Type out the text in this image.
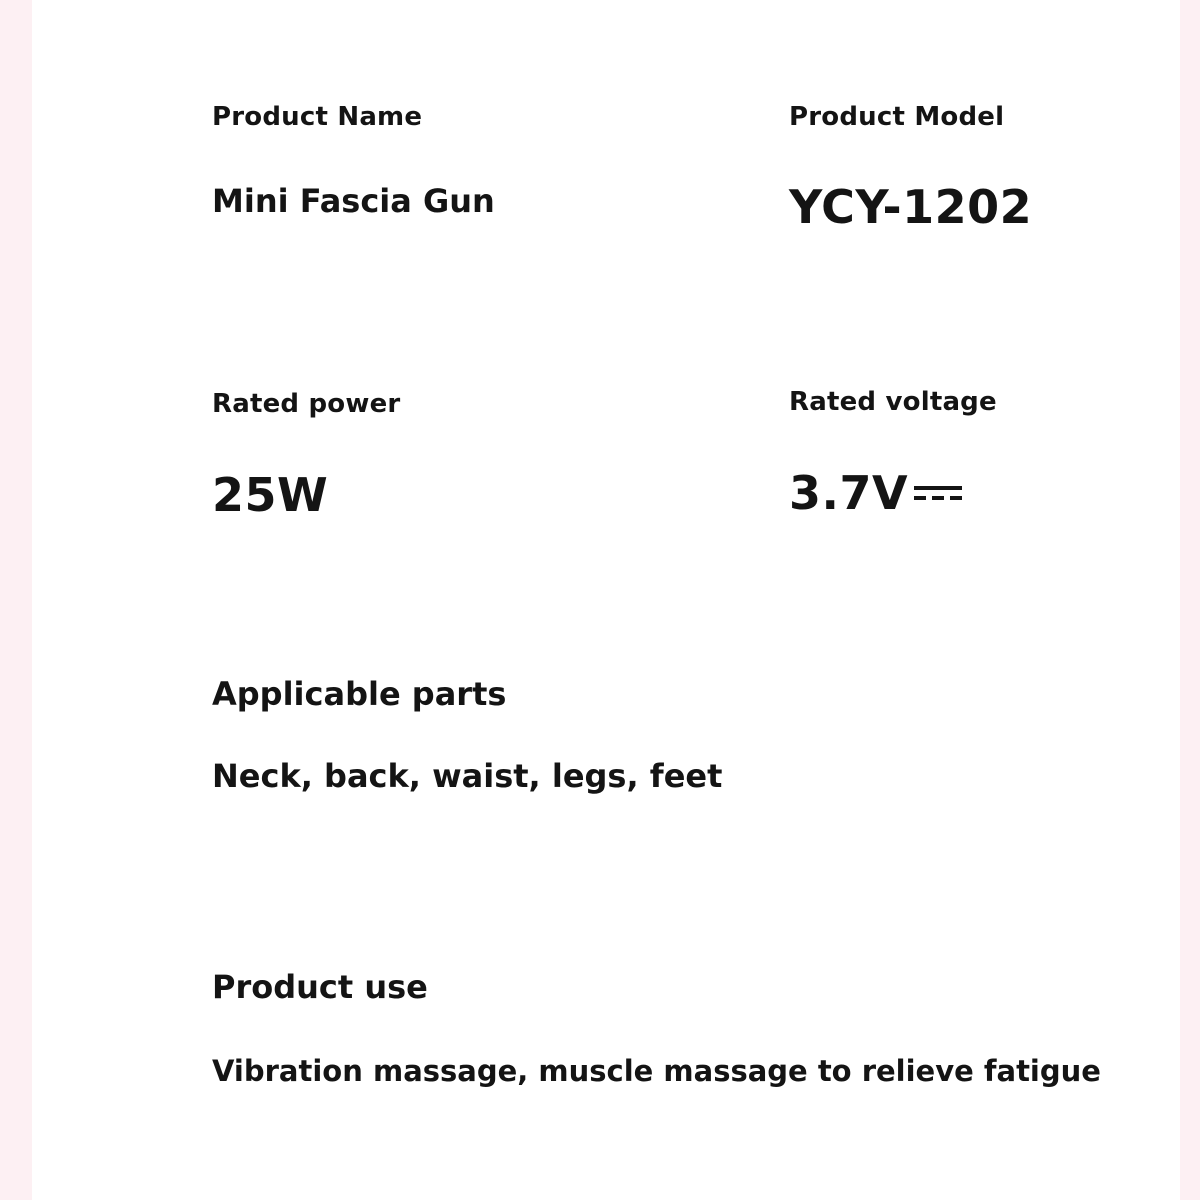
Product Name

Mini Fascia Gun

Product Model

YCY-1202

Rated power

25W

Rated voltage

3.7V

Applicable parts

Neck, back, waist, legs, feet

Product use

Vibration massage, muscle massage to relieve fatigue
